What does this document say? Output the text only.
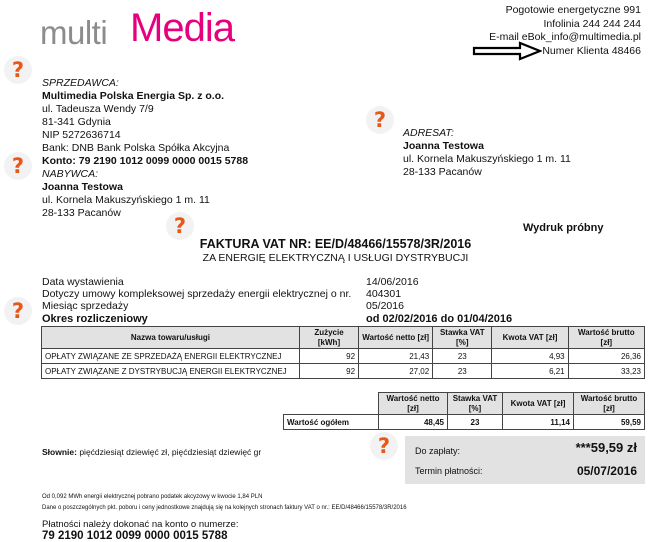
multi Media	Pogotowie energetyczne 991
Infolinia 244 244 244
E-mail eBok_info@multimedia.pl
Numer Klienta 48466
?
?
?
?
?
?
SPRZEDAWCA:
Multimedia Polska Energia Sp. z o.o.
ul. Tadeusza Wendy 7/9
81-341 Gdynia
NIP 5272636714
Bank: DNB Bank Polska Spółka Akcyjna
Konto: 79 2190 1012 0099 0000 0015 5788
ADRESAT:
Joanna Testowa
ul. Kornela Makuszyńskiego 1 m. 11
28-133 Pacanów
NABYWCA:
Joanna Testowa
ul. Kornela Makuszyńskiego 1 m. 11
28-133 Pacanów
Wydruk próbny
FAKTURA VAT NR: EE/D/48466/15578/3R/2016
ZA ENERGIĘ ELEKTRYCZNĄ I USŁUGI DYSTRYBUCJI
Data wystawienia	14/06/2016
Dotyczy umowy kompleksowej sprzedaży energii elektrycznej o nr. 404301
Miesiąc sprzedaży	05/2016
Okres rozliczeniowy	od 02/02/2016 do 01/04/2016
Nazwa towaru/usługi	Zużycie [kWh]	Wartość netto [zł]	Stawka VAT [%]	Kwota VAT [zł]	Wartość brutto [zł]
OPŁATY ZWIĄZANE ZE SPRZEDAŻĄ ENERGII ELEKTRYCZNEJ	92	21,43	23	4,93	26,36
OPŁATY ZWIĄZANE Z DYSTRYBUCJĄ ENERGII ELEKTRYCZNEJ	92	27,02	23	6,21	33,23
	Wartość netto [zł]	Stawka VAT [%]	Kwota VAT [zł]	Wartość brutto [zł]
Wartość ogółem	48,45	23	11,14	59,59
Słownie: pięćdziesiąt dziewięć zł, pięćdziesiąt dziewięć gr	Do zapłaty:	***59,59 zł
Termin płatności:	05/07/2016
Od 0,092 MWh energii elektrycznej pobrano podatek akcyzowy w kwocie 1,84 PLN
Dane o poszczególnych pkt. poboru i ceny jednostkowe znajdują się na kolejnych stronach faktury VAT o nr.: EE/D/48466/15578/3R/2016
Płatności należy dokonać na konto o numerze:
79 2190 1012 0099 0000 0015 5788
